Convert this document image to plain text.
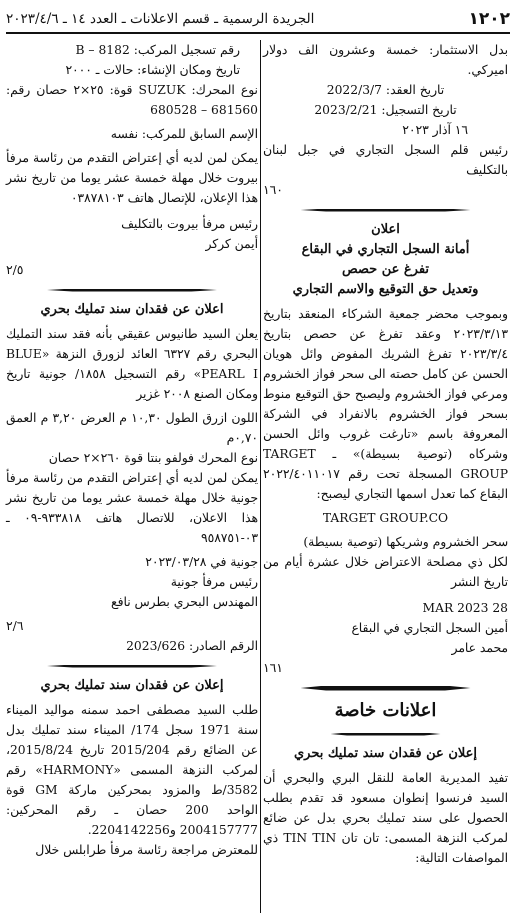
١٢٠٢
الجريدة الرسمية ـ قسم الاعلانات ـ العدد ١٤ ـ ٢٠٢٣/٤/٦

بدل الاستثمار: خمسة وعشرون الف دولار اميركي.

تاريخ العقد: 2022/3/7

تاريخ التسجيل: 2023/2/21

١٦ آذار ٢٠٢٣

رئيس قلم السجل التجاري في جبل لبنان بالتكليف

١٦٠

اعلان

أمانة السجل التجاري في البقاع

تفرغ عن حصص

وتعديل حق التوقيع والاسم التجاري

وبموجب محضر جمعية الشركاء المنعقد بتاريخ ٢٠٢٣/٣/١٣ وعقد تفرغ عن حصص بتاريخ ٢٠٢٣/٣/٤ تفرغ الشريك المفوض وائل هويان الحسن عن كامل حصته الى سحر فواز الخشروم ومرعي فواز الخشروم وليصبح حق التوقيع منوط بسحر فواز الخشروم بالانفراد في الشركة المعروفة باسم «تارغت غروب وائل الحسن وشركاه (توصية بسيطة)» ـ TARGET GROUP المسجلة تحت رقم ٢٠٢٢/٤٠١١٠١٧ البقاع كما تعدل اسمها التجاري ليصبح:

TARGET GROUP.CO

سحر الخشروم وشريكها (توصية بسيطة)

لكل ذي مصلحة الاعتراض خلال عشرة أيام من تاريخ النشر

28 MAR 2023

أمين السجل التجاري في البقاع

محمد عامر

١٦١

اعلانات خاصة

إعلان عن فقدان سند تمليك بحري

تفيد المديرية العامة للنقل البري والبحري أن السيد فرنسوا إنطوان مسعود قد تقدم بطلب الحصول على سند تمليك بحري بدل عن ضائع لمركب النزهة المسمى: تان تان TIN TIN ذي المواصفات التالية:

رقم تسجيل المركب: B – 8182

تاريخ ومكان الإنشاء: حالات ـ ٢٠٠٠

نوع المحرك: SUZUK قوة: ٢٥×٢ حصان رقم: 681560 – 680528

الإسم السابق للمركب: نفسه

يمكن لمن لديه أي إعتراض التقدم من رئاسة مرفأ بيروت خلال مهلة خمسة عشر يوما من تاريخ نشر هذا الإعلان، للإتصال هاتف ٠٣٨٧٨١٠٣

رئيس مرفأ بيروت بالتكليف

أيمن كركر

٢/٥

اعلان عن فقدان سند تمليك بحري

يعلن السيد طانيوس عقيقي بأنه فقد سند التمليك البحري رقم ٦٣٢٧ العائد لزورق النزهة «BLUE PEARL I» رقم التسجيل ١٨٥٨/ جونية تاريخ ومكان الصنع ٢٠٠٨ غزير

اللون ازرق الطول ١٠,٣٠ م العرض ٣,٢٠ م العمق ٠,٧٠م

نوع المحرك فولفو بنتا قوة ٢٦٠×٢ حصان

يمكن لمن لديه أي إعتراض التقدم من رئاسة مرفأ جونية خلال مهلة خمسة عشر يوما من تاريخ نشر هذا الاعلان، للاتصال هاتف ٩٣٣٨١٨-٠٩ ـ ٠٣-٩٥٨٧٥١

جونية في ٢٠٢٣/٠٣/٢٨

رئيس مرفأ جونية

المهندس البحري بطرس نافع

٢/٦

الرقم الصادر: 2023/626

إعلان عن فقدان سند تمليك بحري

طلب السيد مصطفى احمد سمنه مواليد الميناء سنة 1971 سجل 174/ الميناء سند تمليك بدل عن الضائع رقم 2015/204 تاريخ 2015/8/24، لمركب النزهة المسمى «HARMONY» رقم 3582/ط والمزود بمحركين ماركة GM قوة الواحد 200 حصان ـ رقم المحركين: 2004157777 و2204142256.

للمعترض مراجعة رئاسة مرفأ طرابلس خلال
